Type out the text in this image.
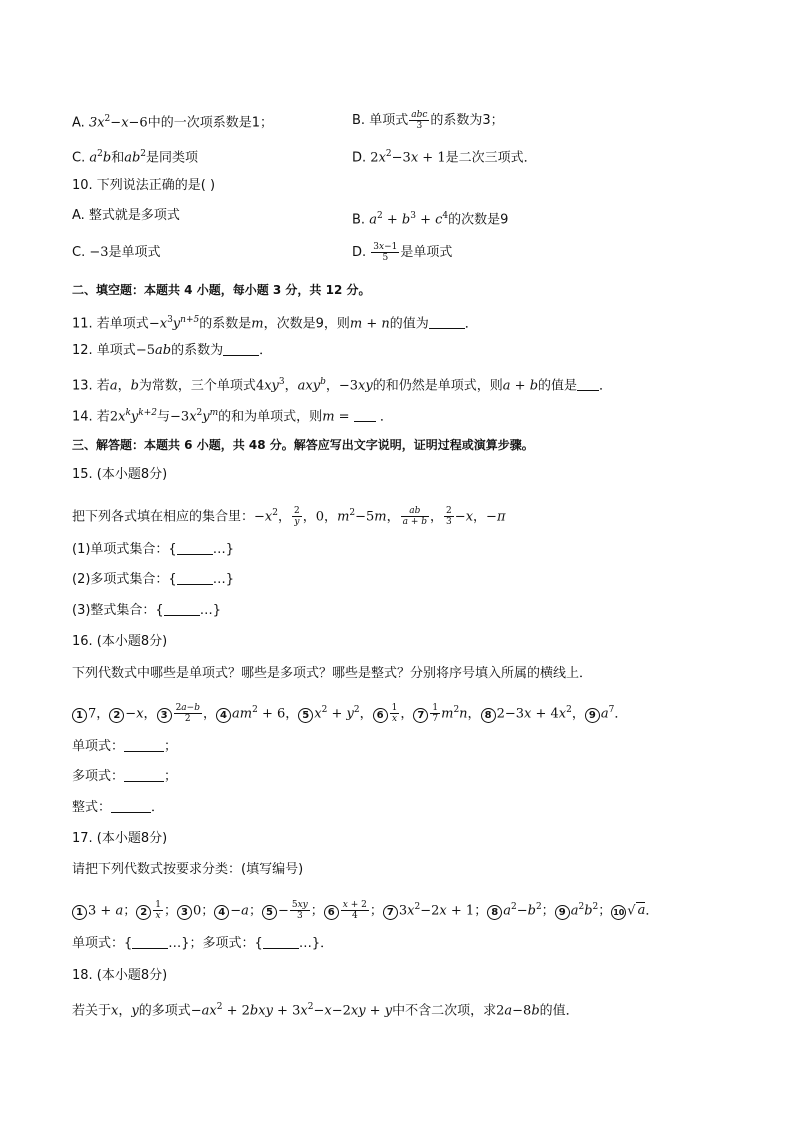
A. $3x^2-x-6$中的一次项系数是1；	B. 单项式 $\frac{\text{abc}}{3}$ 的系数为3；
C. $a^2b$和$ab^2$是同类项	D. $2x^2-3x + 1$是二次三项式．
10. 下列说法正确的是( )
A. 整式就是多项式	B. $a^2 + b^3 + c^4$的次数是9
C. −3是单项式	D. $\frac{3x-1}{5}$ 是单项式
二、填空题：本题共 4 小题，每小题 3 分，共 12 分。
11. 若单项式$-x^3y^{n+5}$的系数是m，次数是9，则m + n的值为	．
12. 单项式−5ab的系数为	．
13. 若a，b为常数，三个单项式$4xy^3$，axy$^b$，−3xy的和仍然是单项式，则a + b的值是 ．
14. 若$2x^ky^{k+2}$与$-3x^2y^m$的和为单项式，则m =  ．
三、解答题：本题共 6 小题，共 48 分。解答应写出文字说明，证明过程或演算步骤。
15. (本小题8分)
把下列各式填在相应的集合里：$-x^2$， $\frac{2}{y}$ ，0，$m^2-5m$， $\frac{ab}{a + b}$ ， $\frac{2}{3} -x$，−π
(1)单项式集合：{	…}
(2)多项式集合：{	…}
(3)整式集合：{	…}
16. (本小题8分)
下列代数式中哪些是单项式？哪些是多项式？哪些是整式？分别将序号填入所属的横线上．
1 7， 2 −x， $3 \frac{2a-b}{2}$ ， 4 $am^2 + 6$， 5 $x^2 + y^2$， $6 \frac{1}{x}$ ， $7 \frac{1}{7} m^2n$， 8 $2-3x + 4x^2$， 9 $a^7$．
单项式：	；
多项式：	；
整式：	．
17. (本小题8分)
请把下列代数式按要求分类：(填写编号)
1 3 + a； $2 \frac{1}{x}$ ； 3 0； 4 −a； $5 - \frac{5xy}{3}$ ； $6 \frac{x + 2}{4}$ ； 7 $3x^2-2x + 1$； 8 $a^2-b^2$； 9 $a^2b^2$； 10 √ a．
单项式：{	…}；多项式：{	…}．
18. (本小题8分)
若关于x，y的多项式$-ax^2 + 2bxy + 3x^2-x-2xy + y$中不含二次项，求2a−8b的值．
